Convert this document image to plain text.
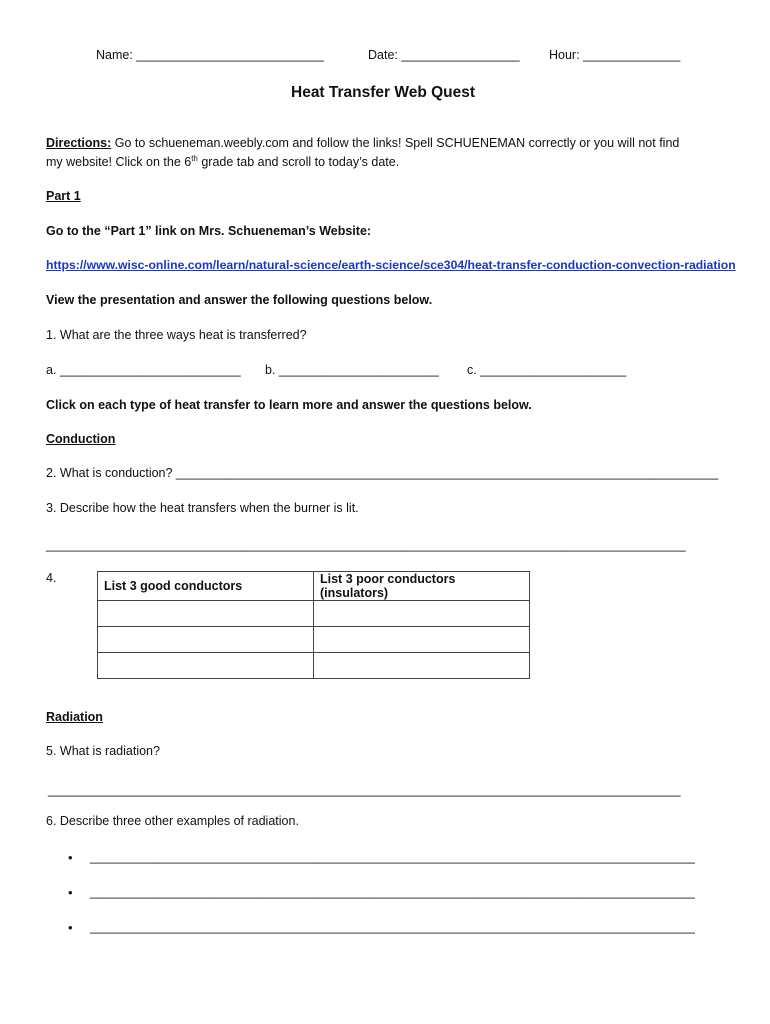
Name: ___________________________	Date: _________________ Hour: ______________
Heat Transfer Web Quest
Directions: Go to schueneman.weebly.com and follow the links! Spell SCHUENEMAN correctly or you will not find
my website! Click on the 6th grade tab and scroll to today’s date.
Part 1
Go to the “Part 1” link on Mrs. Schueneman’s Website:
https://www.wisc-online.com/learn/natural-science/earth-science/sce304/heat-transfer-conduction-convection-radiation
View the presentation and answer the following questions below.
1. What are the three ways heat is transferred?
a. __________________________ b. _______________________ c. _____________________
Click on each type of heat transfer to learn more and answer the questions below.
Conduction
2. What is conduction? ______________________________________________________________________________
3. Describe how the heat transfers when the burner is lit.
____________________________________________________________________________________________
4.
List 3 good conductors	List 3 poor conductors (insulators)

Radiation
5. What is radiation?
___________________________________________________________________________________________
6. Describe three other examples of radiation.
• _______________________________________________________________________________________
• _______________________________________________________________________________________
• _______________________________________________________________________________________
